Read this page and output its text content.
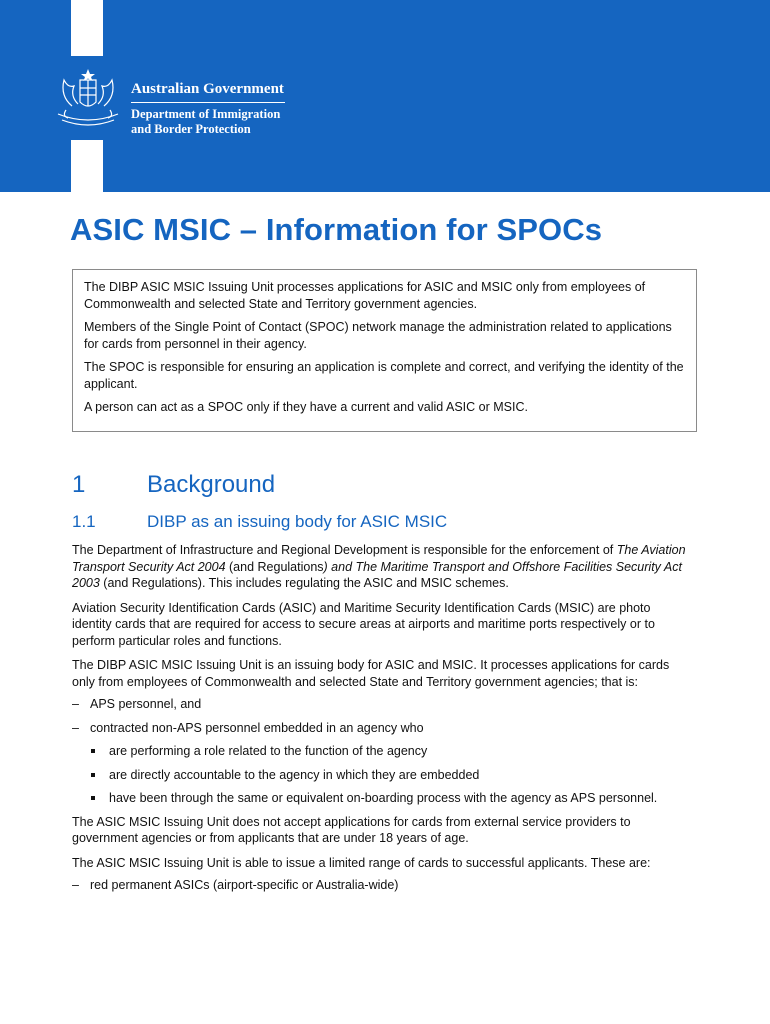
Australian Government
Department of Immigration
and Border Protection
ASIC MSIC – Information for SPOCs

The DIBP ASIC MSIC Issuing Unit processes applications for ASIC and MSIC only from employees of Commonwealth and selected State and Territory government agencies.

Members of the Single Point of Contact (SPOC) network manage the administration related to applications for cards from personnel in their agency.

The SPOC is responsible for ensuring an application is complete and correct, and verifying the identity of the applicant.

A person can act as a SPOC only if they have a current and valid ASIC or MSIC.

1	Background
1.1	DIBP as an issuing body for ASIC MSIC

The Department of Infrastructure and Regional Development is responsible for the enforcement of The Aviation Transport Security Act 2004 (and Regulations) and The Maritime Transport and Offshore Facilities Security Act 2003 (and Regulations). This includes regulating the ASIC and MSIC schemes.

Aviation Security Identification Cards (ASIC) and Maritime Security Identification Cards (MSIC) are photo identity cards that are required for access to secure areas at airports and maritime ports respectively or to perform particular roles and functions.

The DIBP ASIC MSIC Issuing Unit is an issuing body for ASIC and MSIC. It processes applications for cards only from employees of Commonwealth and selected State and Territory government agencies; that is:

– APS personnel, and
– contracted non-APS personnel embedded in an agency who
are performing a role related to the function of the agency
are directly accountable to the agency in which they are embedded
have been through the same or equivalent on-boarding process with the agency as APS personnel.

The ASIC MSIC Issuing Unit does not accept applications for cards from external service providers to government agencies or from applicants that are under 18 years of age.

The ASIC MSIC Issuing Unit is able to issue a limited range of cards to successful applicants. These are:

– red permanent ASICs (airport-specific or Australia-wide)
